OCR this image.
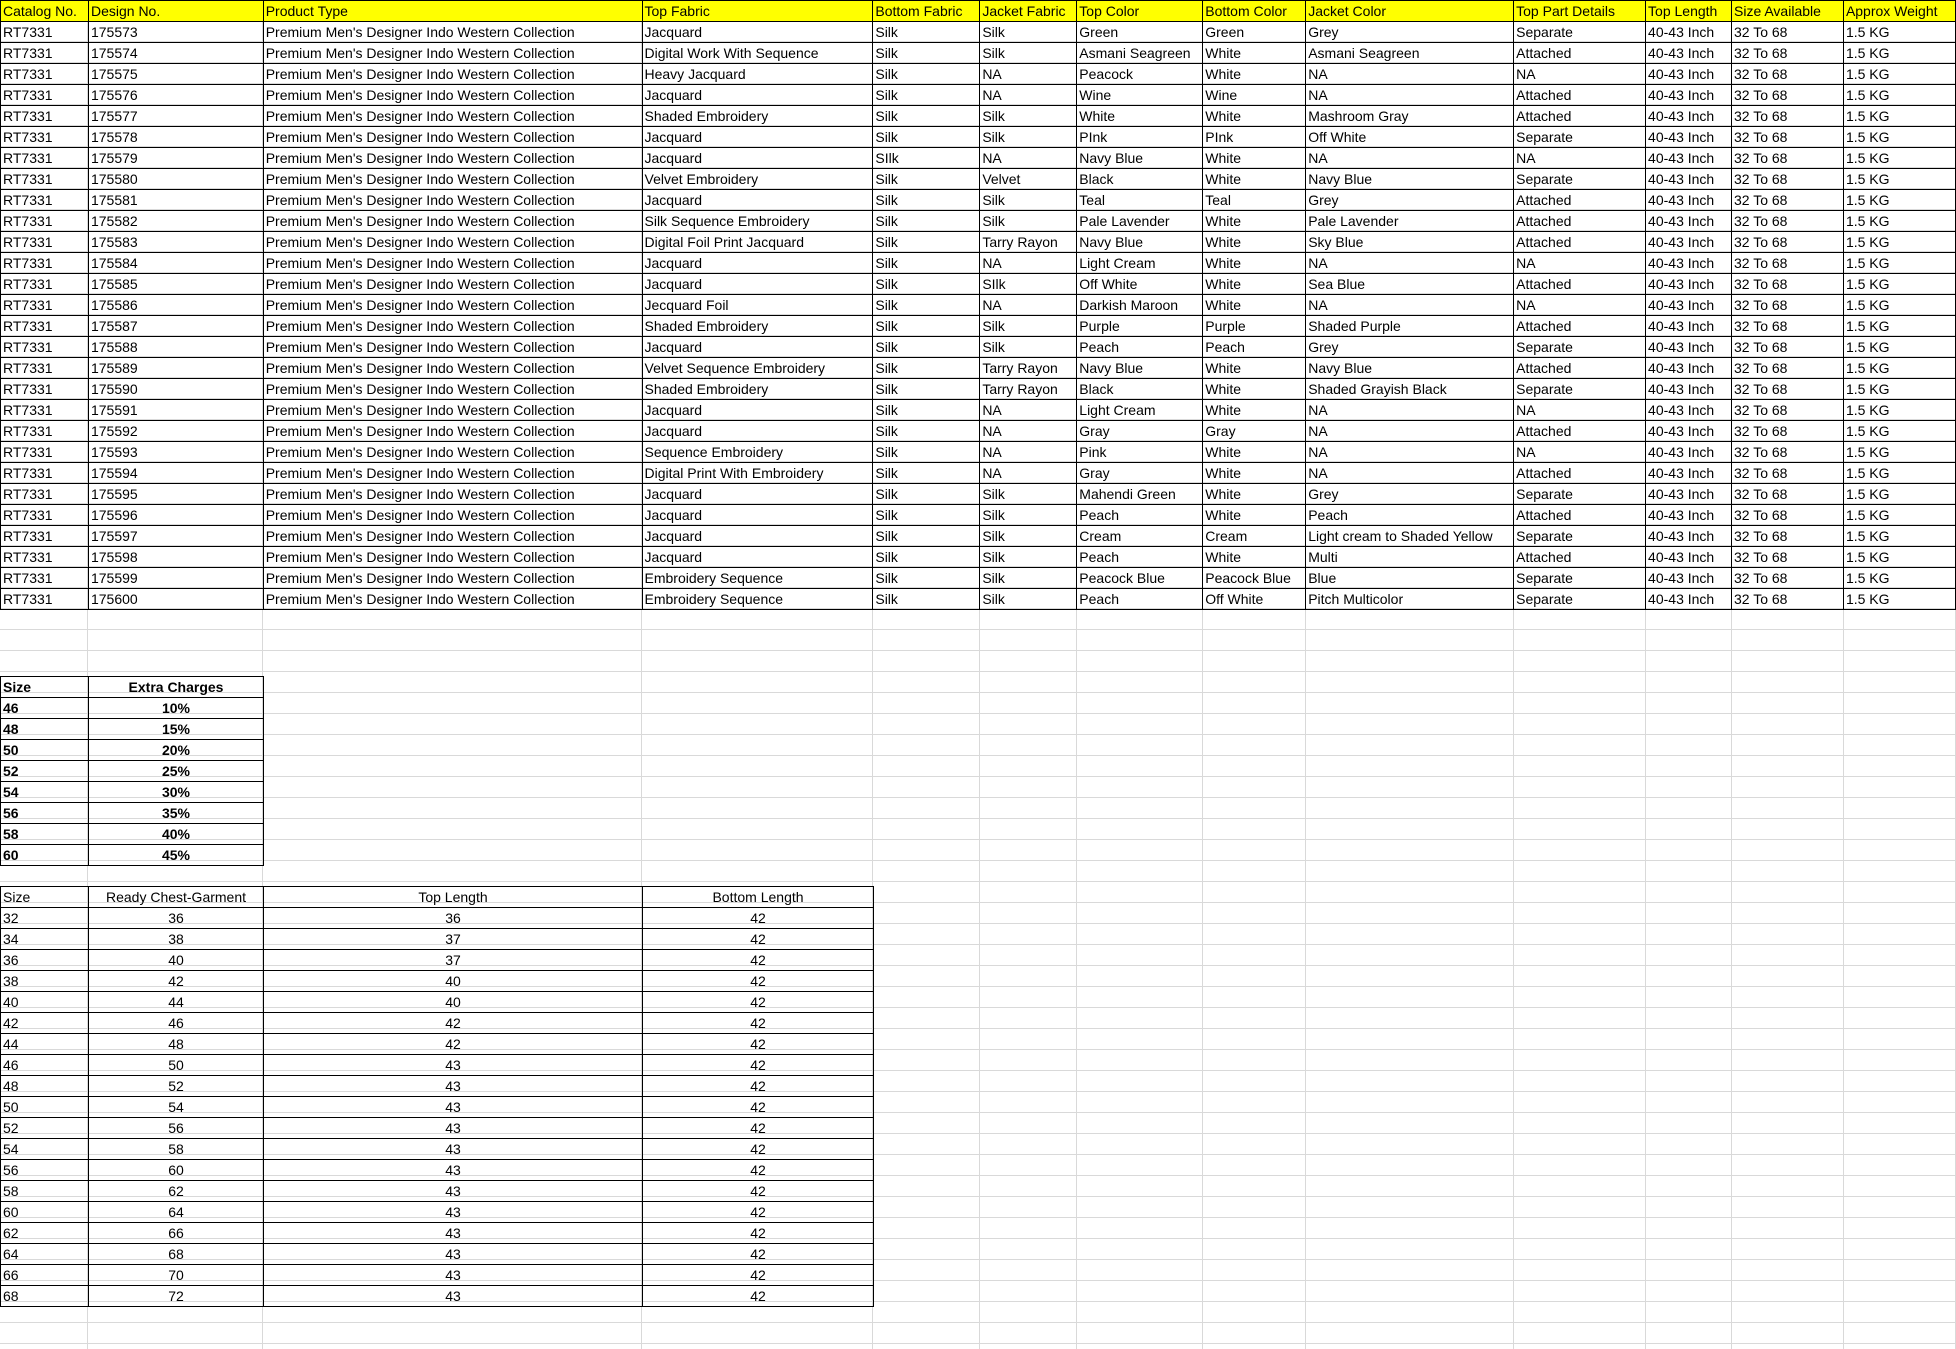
Catalog No.	Design No.	Product Type	Top Fabric	Bottom Fabric	Jacket Fabric	Top Color	Bottom Color	Jacket Color	Top Part Details	Top Length	Size Available	Approx Weight
RT7331	175573	Premium Men's Designer Indo Western Collection	Jacquard	Silk	Silk	Green	Green	Grey	Separate	40-43 Inch	32 To 68	1.5 KG
RT7331	175574	Premium Men's Designer Indo Western Collection	Digital Work With Sequence	Silk	Silk	Asmani Seagreen	White	Asmani Seagreen	Attached	40-43 Inch	32 To 68	1.5 KG
RT7331	175575	Premium Men's Designer Indo Western Collection	Heavy Jacquard	Silk	NA	Peacock	White	NA	NA	40-43 Inch	32 To 68	1.5 KG
RT7331	175576	Premium Men's Designer Indo Western Collection	Jacquard	Silk	NA	Wine	Wine	NA	Attached	40-43 Inch	32 To 68	1.5 KG
RT7331	175577	Premium Men's Designer Indo Western Collection	Shaded Embroidery	Silk	Silk	White	White	Mashroom Gray	Attached	40-43 Inch	32 To 68	1.5 KG
RT7331	175578	Premium Men's Designer Indo Western Collection	Jacquard	Silk	Silk	PInk	PInk	Off White	Separate	40-43 Inch	32 To 68	1.5 KG
RT7331	175579	Premium Men's Designer Indo Western Collection	Jacquard	SIlk	NA	Navy Blue	White	NA	NA	40-43 Inch	32 To 68	1.5 KG
RT7331	175580	Premium Men's Designer Indo Western Collection	Velvet Embroidery	Silk	Velvet	Black	White	Navy Blue	Separate	40-43 Inch	32 To 68	1.5 KG
RT7331	175581	Premium Men's Designer Indo Western Collection	Jacquard	Silk	Silk	Teal	Teal	Grey	Attached	40-43 Inch	32 To 68	1.5 KG
RT7331	175582	Premium Men's Designer Indo Western Collection	Silk Sequence Embroidery	Silk	Silk	Pale Lavender	White	Pale Lavender	Attached	40-43 Inch	32 To 68	1.5 KG
RT7331	175583	Premium Men's Designer Indo Western Collection	Digital Foil Print Jacquard	Silk	Tarry Rayon	Navy Blue	White	Sky Blue	Attached	40-43 Inch	32 To 68	1.5 KG
RT7331	175584	Premium Men's Designer Indo Western Collection	Jacquard	Silk	NA	Light Cream	White	NA	NA	40-43 Inch	32 To 68	1.5 KG
RT7331	175585	Premium Men's Designer Indo Western Collection	Jacquard	Silk	SIlk	Off White	White	Sea Blue	Attached	40-43 Inch	32 To 68	1.5 KG
RT7331	175586	Premium Men's Designer Indo Western Collection	Jecquard Foil	Silk	NA	Darkish Maroon	White	NA	NA	40-43 Inch	32 To 68	1.5 KG
RT7331	175587	Premium Men's Designer Indo Western Collection	Shaded Embroidery	Silk	Silk	Purple	Purple	Shaded Purple	Attached	40-43 Inch	32 To 68	1.5 KG
RT7331	175588	Premium Men's Designer Indo Western Collection	Jacquard	Silk	Silk	Peach	Peach	Grey	Separate	40-43 Inch	32 To 68	1.5 KG
RT7331	175589	Premium Men's Designer Indo Western Collection	Velvet Sequence Embroidery	Silk	Tarry Rayon	Navy Blue	White	Navy Blue	Attached	40-43 Inch	32 To 68	1.5 KG
RT7331	175590	Premium Men's Designer Indo Western Collection	Shaded Embroidery	Silk	Tarry Rayon	Black	White	Shaded Grayish Black	Separate	40-43 Inch	32 To 68	1.5 KG
RT7331	175591	Premium Men's Designer Indo Western Collection	Jacquard	Silk	NA	Light Cream	White	NA	NA	40-43 Inch	32 To 68	1.5 KG
RT7331	175592	Premium Men's Designer Indo Western Collection	Jacquard	Silk	NA	Gray	Gray	NA	Attached	40-43 Inch	32 To 68	1.5 KG
RT7331	175593	Premium Men's Designer Indo Western Collection	Sequence Embroidery	Silk	NA	Pink	White	NA	NA	40-43 Inch	32 To 68	1.5 KG
RT7331	175594	Premium Men's Designer Indo Western Collection	Digital Print With Embroidery	Silk	NA	Gray	White	NA	Attached	40-43 Inch	32 To 68	1.5 KG
RT7331	175595	Premium Men's Designer Indo Western Collection	Jacquard	Silk	Silk	Mahendi Green	White	Grey	Separate	40-43 Inch	32 To 68	1.5 KG
RT7331	175596	Premium Men's Designer Indo Western Collection	Jacquard	Silk	Silk	Peach	White	Peach	Attached	40-43 Inch	32 To 68	1.5 KG
RT7331	175597	Premium Men's Designer Indo Western Collection	Jacquard	Silk	Silk	Cream	Cream	Light cream to Shaded Yellow	Separate	40-43 Inch	32 To 68	1.5 KG
RT7331	175598	Premium Men's Designer Indo Western Collection	Jacquard	Silk	Silk	Peach	White	Multi	Attached	40-43 Inch	32 To 68	1.5 KG
RT7331	175599	Premium Men's Designer Indo Western Collection	Embroidery Sequence	Silk	Silk	Peacock Blue	Peacock Blue	Blue	Separate	40-43 Inch	32 To 68	1.5 KG
RT7331	175600	Premium Men's Designer Indo Western Collection	Embroidery Sequence	Silk	Silk	Peach	Off White	Pitch Multicolor	Separate	40-43 Inch	32 To 68	1.5 KG
Size	Extra Charges
46	10%
48	15%
50	20%
52	25%
54	30%
56	35%
58	40%
60	45%
Size	Ready Chest-Garment	Top Length	Bottom Length
32	36	36	42
34	38	37	42
36	40	37	42
38	42	40	42
40	44	40	42
42	46	42	42
44	48	42	42
46	50	43	42
48	52	43	42
50	54	43	42
52	56	43	42
54	58	43	42
56	60	43	42
58	62	43	42
60	64	43	42
62	66	43	42
64	68	43	42
66	70	43	42
68	72	43	42
